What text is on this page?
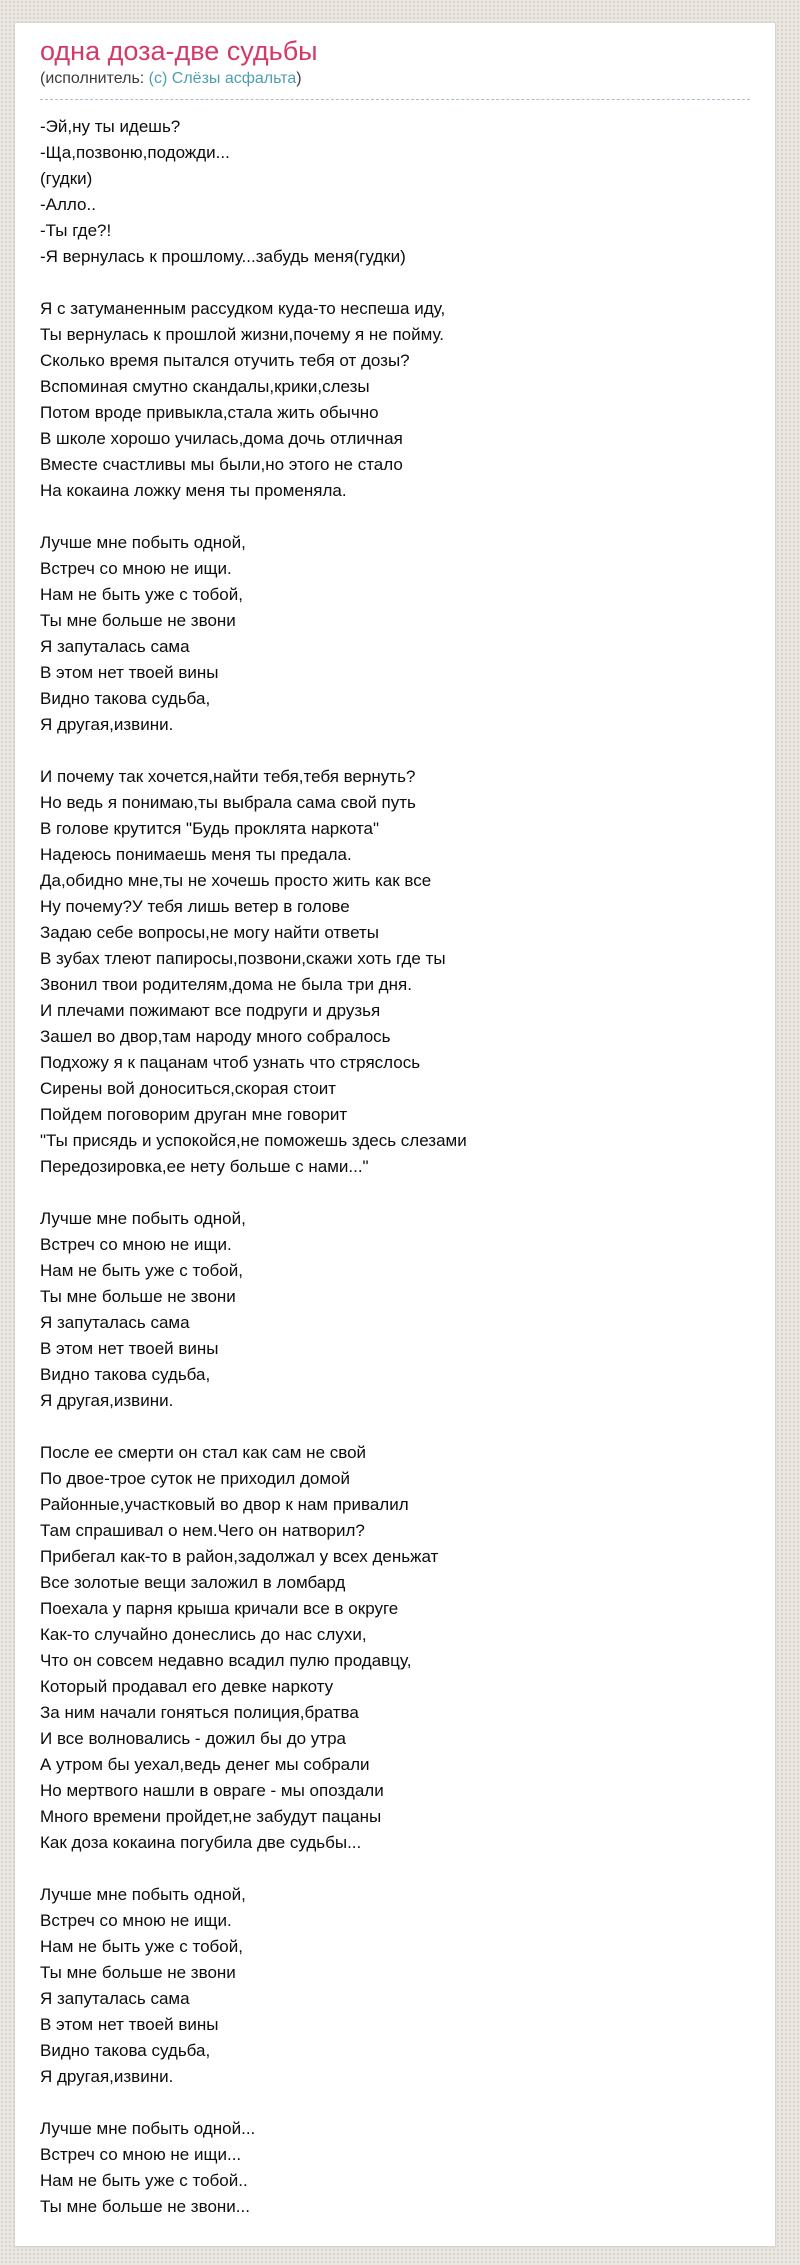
одна доза-две судьбы
(исполнитель: (с) Слёзы асфальта)
-Эй,ну ты идешь?
-Ща,позвоню,подожди...
(гудки)
-Алло..
-Ты где?!
-Я вернулась к прошлому...забудь меня(гудки)
Я с затуманенным рассудком куда-то неспеша иду,
Ты вернулась к прошлой жизни,почему я не пойму.
Сколько время пытался отучить тебя от дозы?
Вспоминая смутно скандалы,крики,слезы
Потом вроде привыкла,стала жить обычно
В школе хорошо училась,дома дочь отличная
Вместе счастливы мы были,но этого не стало
На кокаина ложку меня ты променяла.
Лучше мне побыть одной,
Встреч со мною не ищи.
Нам не быть уже с тобой,
Ты мне больше не звони
Я запуталась сама
В этом нет твоей вины
Видно такова судьба,
Я другая,извини.
И почему так хочется,найти тебя,тебя вернуть?
Но ведь я понимаю,ты выбрала сама свой путь
В голове крутится "Будь проклята наркота"
Надеюсь понимаешь меня ты предала.
Да,обидно мне,ты не хочешь просто жить как все
Ну почему?У тебя лишь ветер в голове
Задаю себе вопросы,не могу найти ответы
В зубах тлеют папиросы,позвони,скажи хоть где ты
Звонил твои родителям,дома не была три дня.
И плечами пожимают все подруги и друзья
Зашел во двор,там народу много собралось
Подхожу я к пацанам чтоб узнать что стряслось
Сирены вой доноситься,скорая стоит
Пойдем поговорим друган мне говорит
"Ты присядь и успокойся,не поможешь здесь слезами
Передозировка,ее нету больше с нами..."
Лучше мне побыть одной,
Встреч со мною не ищи.
Нам не быть уже с тобой,
Ты мне больше не звони
Я запуталась сама
В этом нет твоей вины
Видно такова судьба,
Я другая,извини.
После ее смерти он стал как сам не свой
По двое-трое суток не приходил домой
Районные,участковый во двор к нам привалил
Там спрашивал о нем.Чего он натворил?
Прибегал как-то в район,задолжал у всех деньжат
Все золотые вещи заложил в ломбард
Поехала у парня крыша кричали все в округе
Как-то случайно донеслись до нас слухи,
Что он совсем недавно всадил пулю продавцу,
Который продавал его девке наркоту
За ним начали гоняться полиция,братва
И все волновались - дожил бы до утра
А утром бы уехал,ведь денег мы собрали
Но мертвого нашли в овраге - мы опоздали
Много времени пройдет,не забудут пацаны
Как доза кокаина погубила две судьбы...
Лучше мне побыть одной,
Встреч со мною не ищи.
Нам не быть уже с тобой,
Ты мне больше не звони
Я запуталась сама
В этом нет твоей вины
Видно такова судьба,
Я другая,извини.
Лучше мне побыть одной...
Встреч со мною не ищи...
Нам не быть уже с тобой..
Ты мне больше не звони...
